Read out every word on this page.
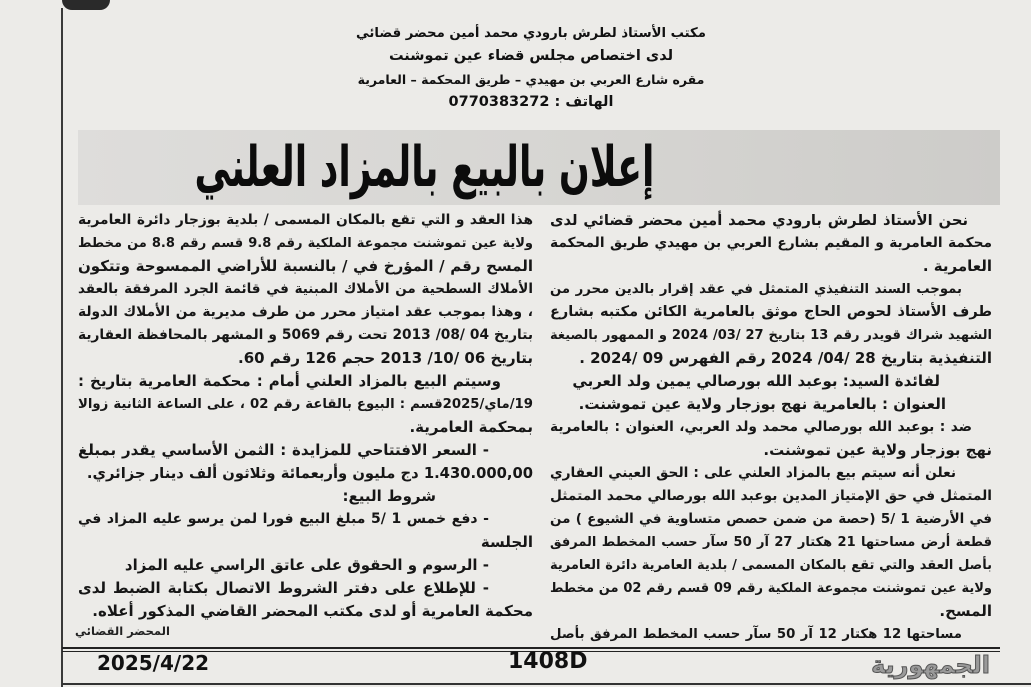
مكتب الأستاذ لطرش بارودي محمد أمين محضر قضائي
لدى اختصاص مجلس قضاء عين تموشنت
مقره شارع العربي بن مهيدي – طريق المحكمة – العامرية
الهاتف : 0770383272
إعلان بالبيع بالمزاد العلني
نحن الأستاذ لطرش بارودي محمد أمين محضر قضائي لدى
محكمة العامرية و المقيم بشارع العربي بن مهيدي طريق المحكمة
العامرية .
بموجب السند التنفيذي المتمثل في عقد إقرار بالدين محرر من
طرف الأستاذ لحوص الحاج موثق بالعامرية الكائن مكتبه بشارع
الشهيد شراك قويدر رقم 13 بتاريخ 27 /03/ 2024 و الممهور بالصيغة
التنفيذية بتاريخ 28 /04/ 2024 رقم الفهرس 09 /2024 .
لفائدة السيد: بوعبد الله بورصالي يمين ولد العربي
العنوان : بالعامرية نهج بوزجار ولاية عين تموشنت.
ضد : بوعبد الله بورصالي محمد ولد العربي، العنوان : بالعامرية
نهج بوزجار ولاية عين تموشنت.
نعلن أنه سيتم بيع بالمزاد العلني على : الحق العيني العقاري
المتمثل في حق الإمتياز المدين بوعبد الله بورصالي محمد المتمثل
في الأرضية 1 /5 (حصة من ضمن حصص متساوية في الشيوع ) من
قطعة أرض مساحتها 21 هكتار 27 آر 50 سآر حسب المخطط المرفق
بأصل العقد والتي تقع بالمكان المسمى / بلدية العامرية دائرة العامرية
ولاية عين تموشنت مجموعة الملكية رقم 09 قسم رقم 02 من مخطط
المسح.
مساحتها 12 هكتار 12 آر 50 سآر حسب المخطط المرفق بأصل
هذا العقد و التي تقع بالمكان المسمى / بلدية بوزجار دائرة العامرية
ولاية عين تموشنت مجموعة الملكية رقم 9.8 قسم رقم 8.8 من مخطط
المسح رقم / المؤرخ في / بالنسبة للأراضي الممسوحة وتتكون
الأملاك السطحية من الأملاك المبنية في قائمة الجرد المرفقة بالعقد
، وهذا بموجب عقد امتياز محرر من طرف مديرية من الأملاك الدولة
بتاريخ 04 /08/ 2013 تحت رقم 5069 و المشهر بالمحافظة العقارية
بتاريخ 06 /10/ 2013 حجم 126 رقم 60.
وسيتم البيع بالمزاد العلني أمام : محكمة العامرية بتاريخ :
19/ماي/2025قسم : البيوع بالقاعة رقم 02 ، على الساعة الثانية زوالا
بمحكمة العامرية.
- السعر الافتتاحي للمزايدة : الثمن الأساسي يقدر بمبلغ
1.430.000,00 دج مليون وأربعمائة وثلاثون ألف دينار جزائري.
شروط البيع:
- دفع خمس 1 /5 مبلغ البيع فورا لمن يرسو عليه المزاد في
الجلسة
- الرسوم و الحقوق على عاتق الراسي عليه المزاد
- للإطلاع على دفتر الشروط الاتصال بكتابة الضبط لدى
محكمة العامرية أو لدى مكتب المحضر القاضي المذكور أعلاه.
المحضر القضائي
2025/4/22	1408D	الجمهورية
